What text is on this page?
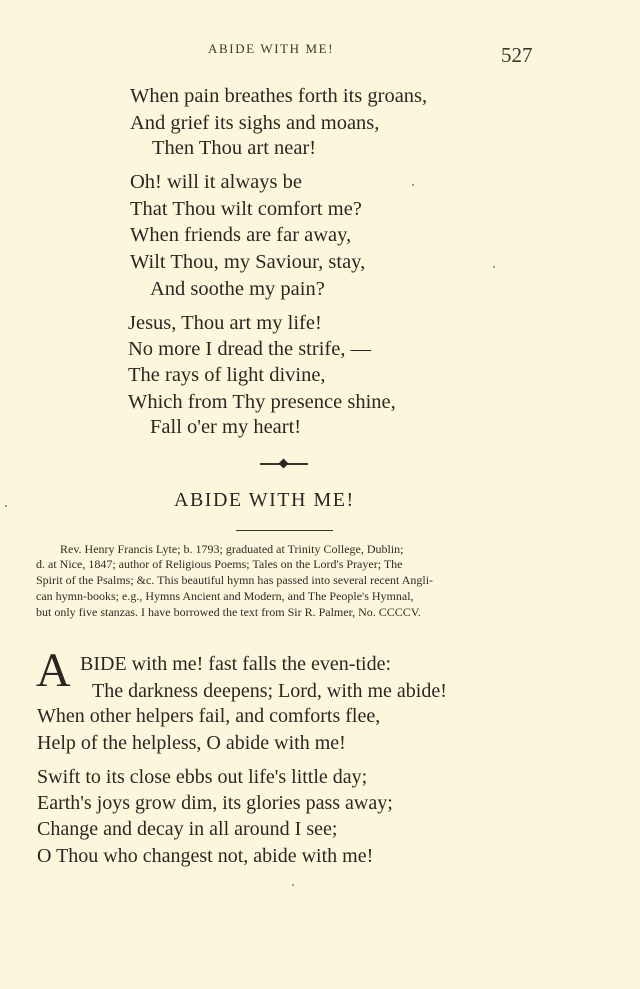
ABIDE WITH ME!	527
When pain breathes forth its groans,
And grief its sighs and moans,
Then Thou art near!
Oh! will it always be
That Thou wilt comfort me?
When friends are far away,
Wilt Thou, my Saviour, stay,
And soothe my pain?
Jesus, Thou art my life!
No more I dread the strife, —
The rays of light divine,
Which from Thy presence shine,
Fall o'er my heart!
ABIDE WITH ME!
Rev. Henry Francis Lyte; b. 1793; graduated at Trinity College, Dublin;
d. at Nice, 1847; author of Religious Poems; Tales on the Lord's Prayer; The
Spirit of the Psalms; &c. This beautiful hymn has passed into several recent Angli-
can hymn-books; e.g., Hymns Ancient and Modern, and The People's Hymnal,
but only five stanzas. I have borrowed the text from Sir R. Palmer, No. CCCCV.
A BIDE with me! fast falls the even-tide:
The darkness deepens; Lord, with me abide!
When other helpers fail, and comforts flee,
Help of the helpless, O abide with me!
Swift to its close ebbs out life's little day;
Earth's joys grow dim, its glories pass away;
Change and decay in all around I see;
O Thou who changest not, abide with me!
